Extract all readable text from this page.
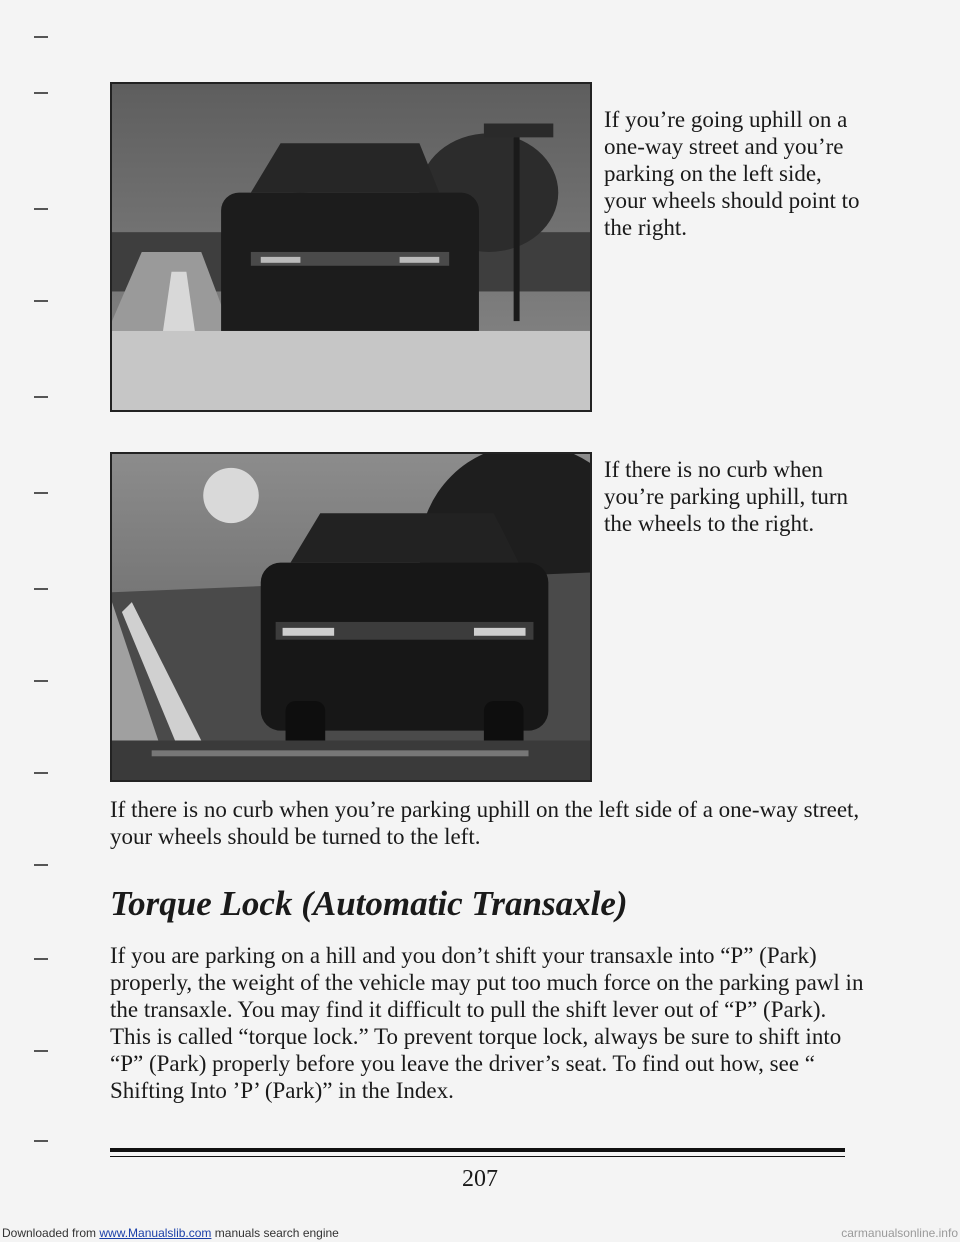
If you’re going uphill on a one-way street and you’re parking on the left side, your wheels should point to the right.

If there is no curb when you’re parking uphill, turn the wheels to the right.

If there is no curb when you’re parking uphill on the left side of a one-way street, your wheels should be turned to the left.

Torque Lock (Automatic Transaxle)

If you are parking on a hill and you don’t shift your transaxle into “P” (Park) properly, the weight of the vehicle may put too much force on the parking pawl in the transaxle. You may find it difficult to pull the shift lever out of “P” (Park). This is called “torque lock.” To prevent torque lock, always be sure to shift into “P” (Park) properly before you leave the driver’s seat. To find out how, see “ Shifting Into ’P’ (Park)” in the Index.

207
Downloaded from www.Manualslib.com manuals search engine	carmanualsonline.info
